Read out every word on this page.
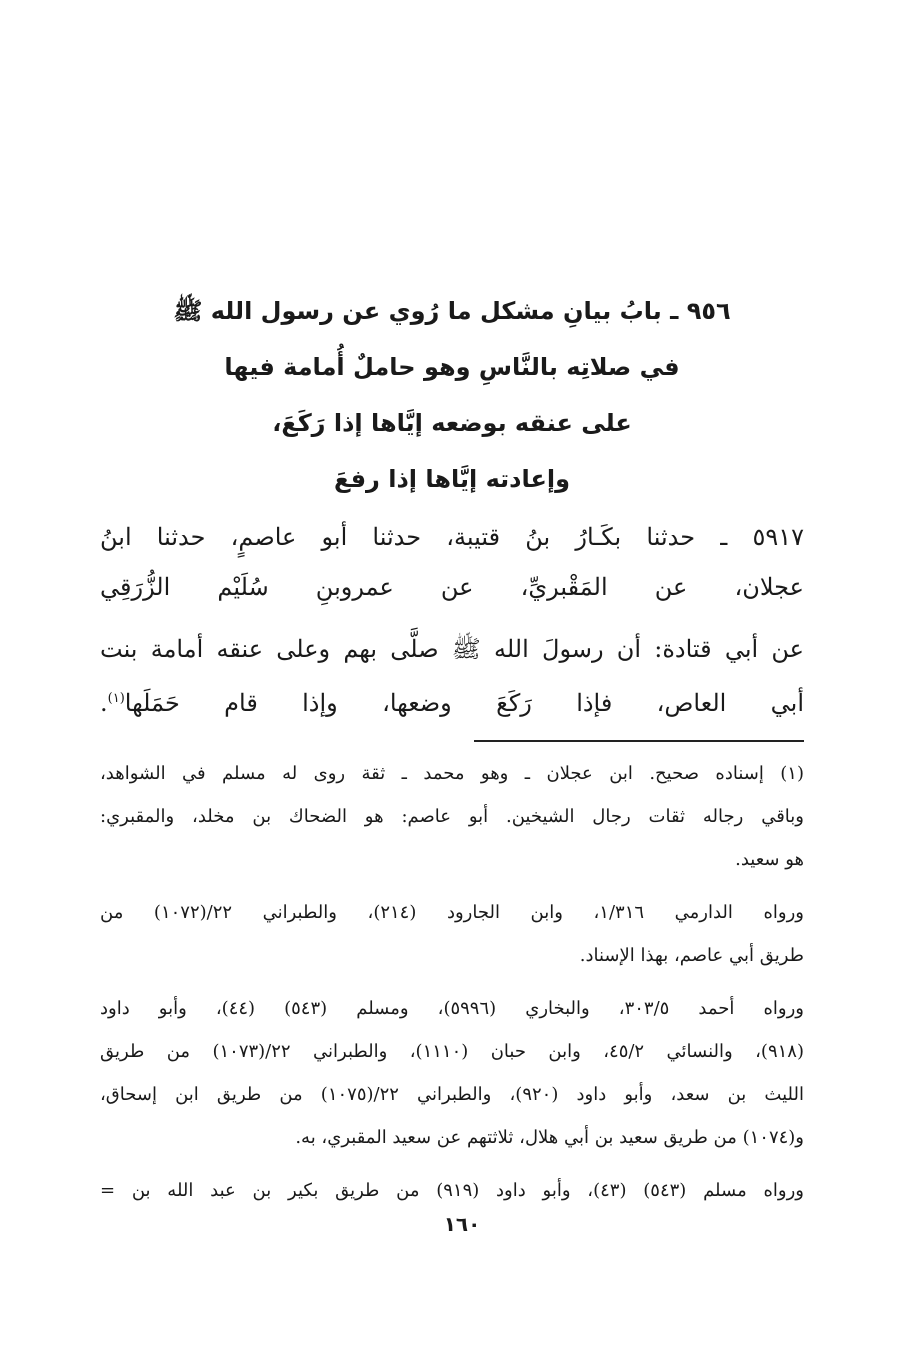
٩٥٦ ـ بابُ بيانِ مشكل ما رُوي عن رسول الله ﷺ
في صلاتِه بالنَّاسِ وهو حاملٌ أُمامة فيها
على عنقه بوضعه إيَّاها إذا رَكَعَ،
وإعادته إيَّاها إذا رفعَ
٥٩١٧ ـ حدثنا بكَـارُ بنُ قتيبة، حدثنا أبو عاصمٍ، حدثنا ابنُ
عجلان، عن المَقْبريِّ، عن عمروبنِ سُلَيْم الزُّرَقِي
عن أبي قتادة: أن رسولَ الله ﷺ صلَّى بهم وعلى عنقه أمامة بنت
أبي العاص، فإذا رَكَعَ وضعها، وإذا قام حَمَلَها$^{(١)}$.
(١) إسناده صحيح. ابن عجلان ـ وهو محمد ـ ثقة روى له مسلم في الشواهد،
وباقي رجاله ثقات رجال الشيخين. أبو عاصم: هو الضحاك بن مخلد، والمقبري:
هو سعيد.
ورواه الدارمي ١/٣١٦، وابن الجارود (٢١٤)، والطبراني ٢٢/(١٠٧٢) من
طريق أبي عاصم، بهذا الإسناد.
ورواه أحمد ٣٠٣/٥، والبخاري (٥٩٩٦)، ومسلم (٥٤٣) (٤٤)، وأبو داود
(٩١٨)، والنسائي ٤٥/٢، وابن حبان (١١١٠)، والطبراني ٢٢/(١٠٧٣) من طريق
الليث بن سعد، وأبو داود (٩٢٠)، والطبراني ٢٢/(١٠٧٥) من طريق ابن إسحاق،
و(١٠٧٤) من طريق سعيد بن أبي هلال، ثلاثتهم عن سعيد المقبري، به.
ورواه مسلم (٥٤٣) (٤٣)، وأبو داود (٩١٩) من طريق بكير بن عبد الله بن =
١٦٠
